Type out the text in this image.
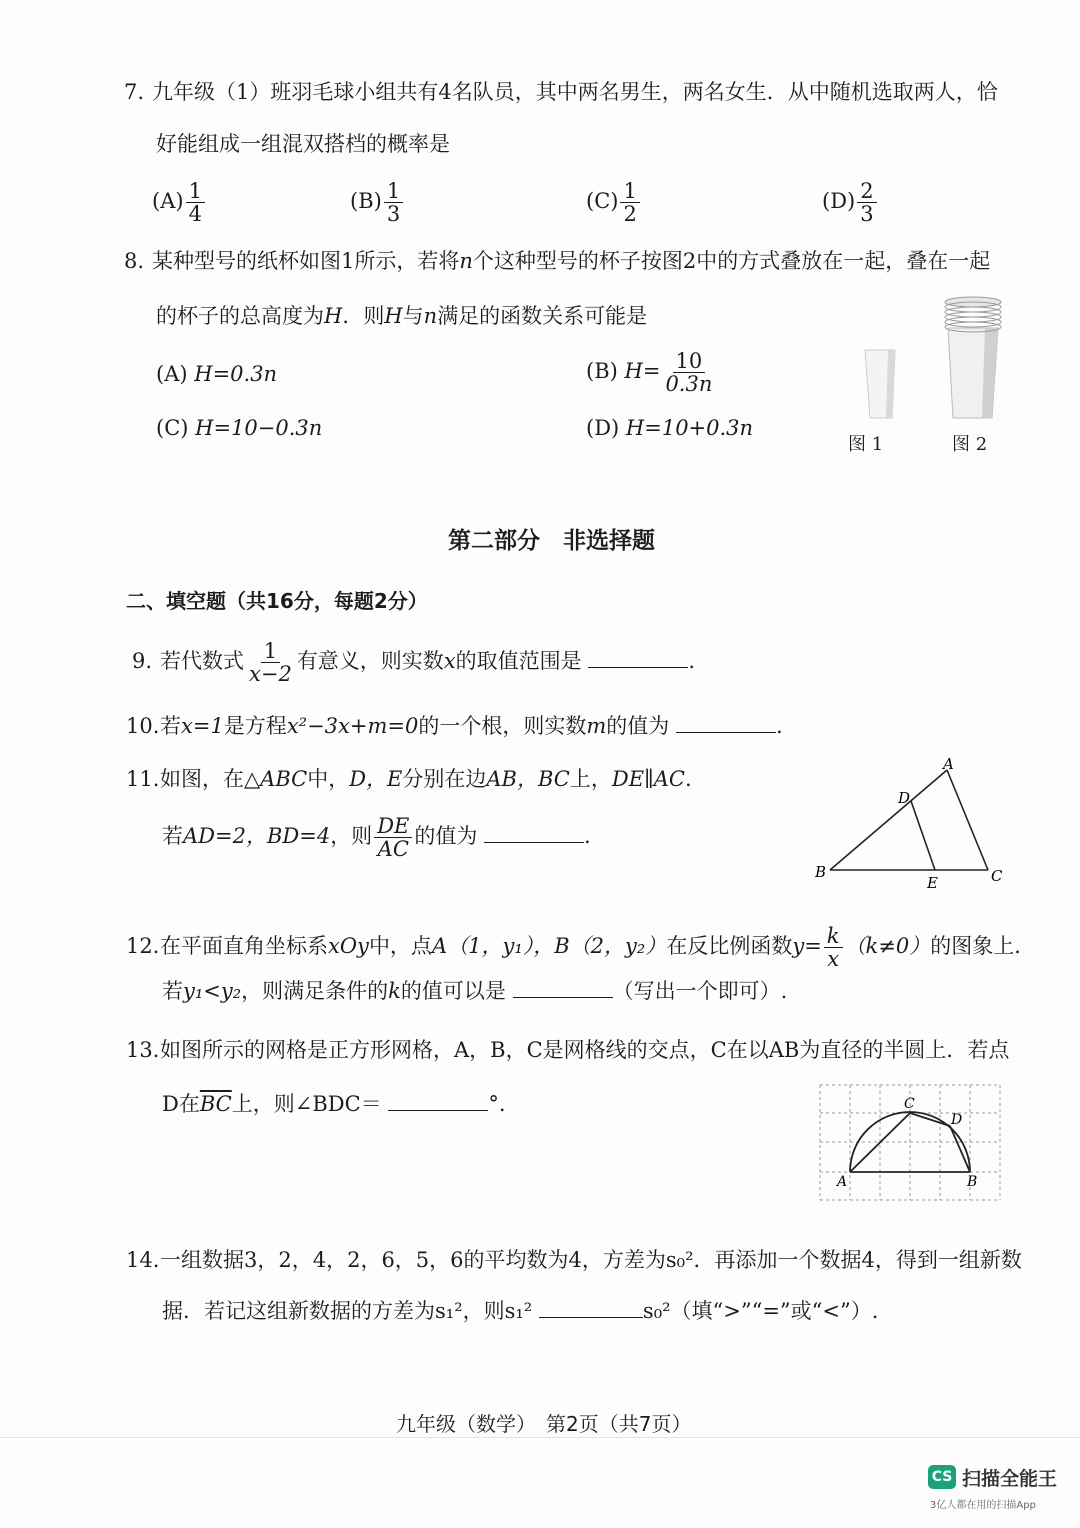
7. 九年级（1）班羽毛球小组共有4名队员，其中两名男生，两名女生．从中随机选取两人，恰
好能组成一组混双搭档的概率是
$(A) \frac{1}{4}$	$(B) \frac{1}{3}$	$(C) \frac{1}{2}$	$(D) \frac{2}{3}$
8. 某种型号的纸杯如图1所示，若将n个这种型号的杯子按图2中的方式叠放在一起，叠在一起
的杯子的总高度为H．则H与n满足的函数关系可能是
(A) H=0.3n	(B) $H= \frac{10}{0.3n}$
(C) H=10−0.3n	(D) H=10+0.3n
图 1	图 2
第二部分　非选择题
二、填空题（共16分，每题2分）
9. 若代数式 $\frac{1}{x-2}$ 有意义，则实数x的取值范围是	.
10.若x=1是方程x²−3x+m=0的一个根，则实数m的值为	.
11.如图，在△ABC中，D，E分别在边AB，BC上，DE∥AC.
若AD=2，BD=4，则 $\frac{DE}{AC}$ 的值为	.
A
D
B
E	C
12.在平面直角坐标系xOy中，点A（1，y₁），B（2，y₂）在反比例函数$y= \frac{k}{x} (k\ne 0)$的图象上．
若y₁<y₂，则满足条件的k的值可以是	（写出一个即可）.
13.如图所示的网格是正方形网格，A，B，C是网格线的交点，C在以AB为直径的半圆上．若点
D在$\overline{BC}$上，则∠BDC＝	°.	C
D
A	B
14.一组数据3，2，4，2，6，5，6的平均数为4，方差为s₀²．再添加一个数据4，得到一组新数
据．若记这组新数据的方差为s₁²，则s₁²	s₀²（填“>”“=”或“<”）.
九年级（数学）　第2页（共7页）
CS 扫描全能王
3亿人都在用的扫描App
